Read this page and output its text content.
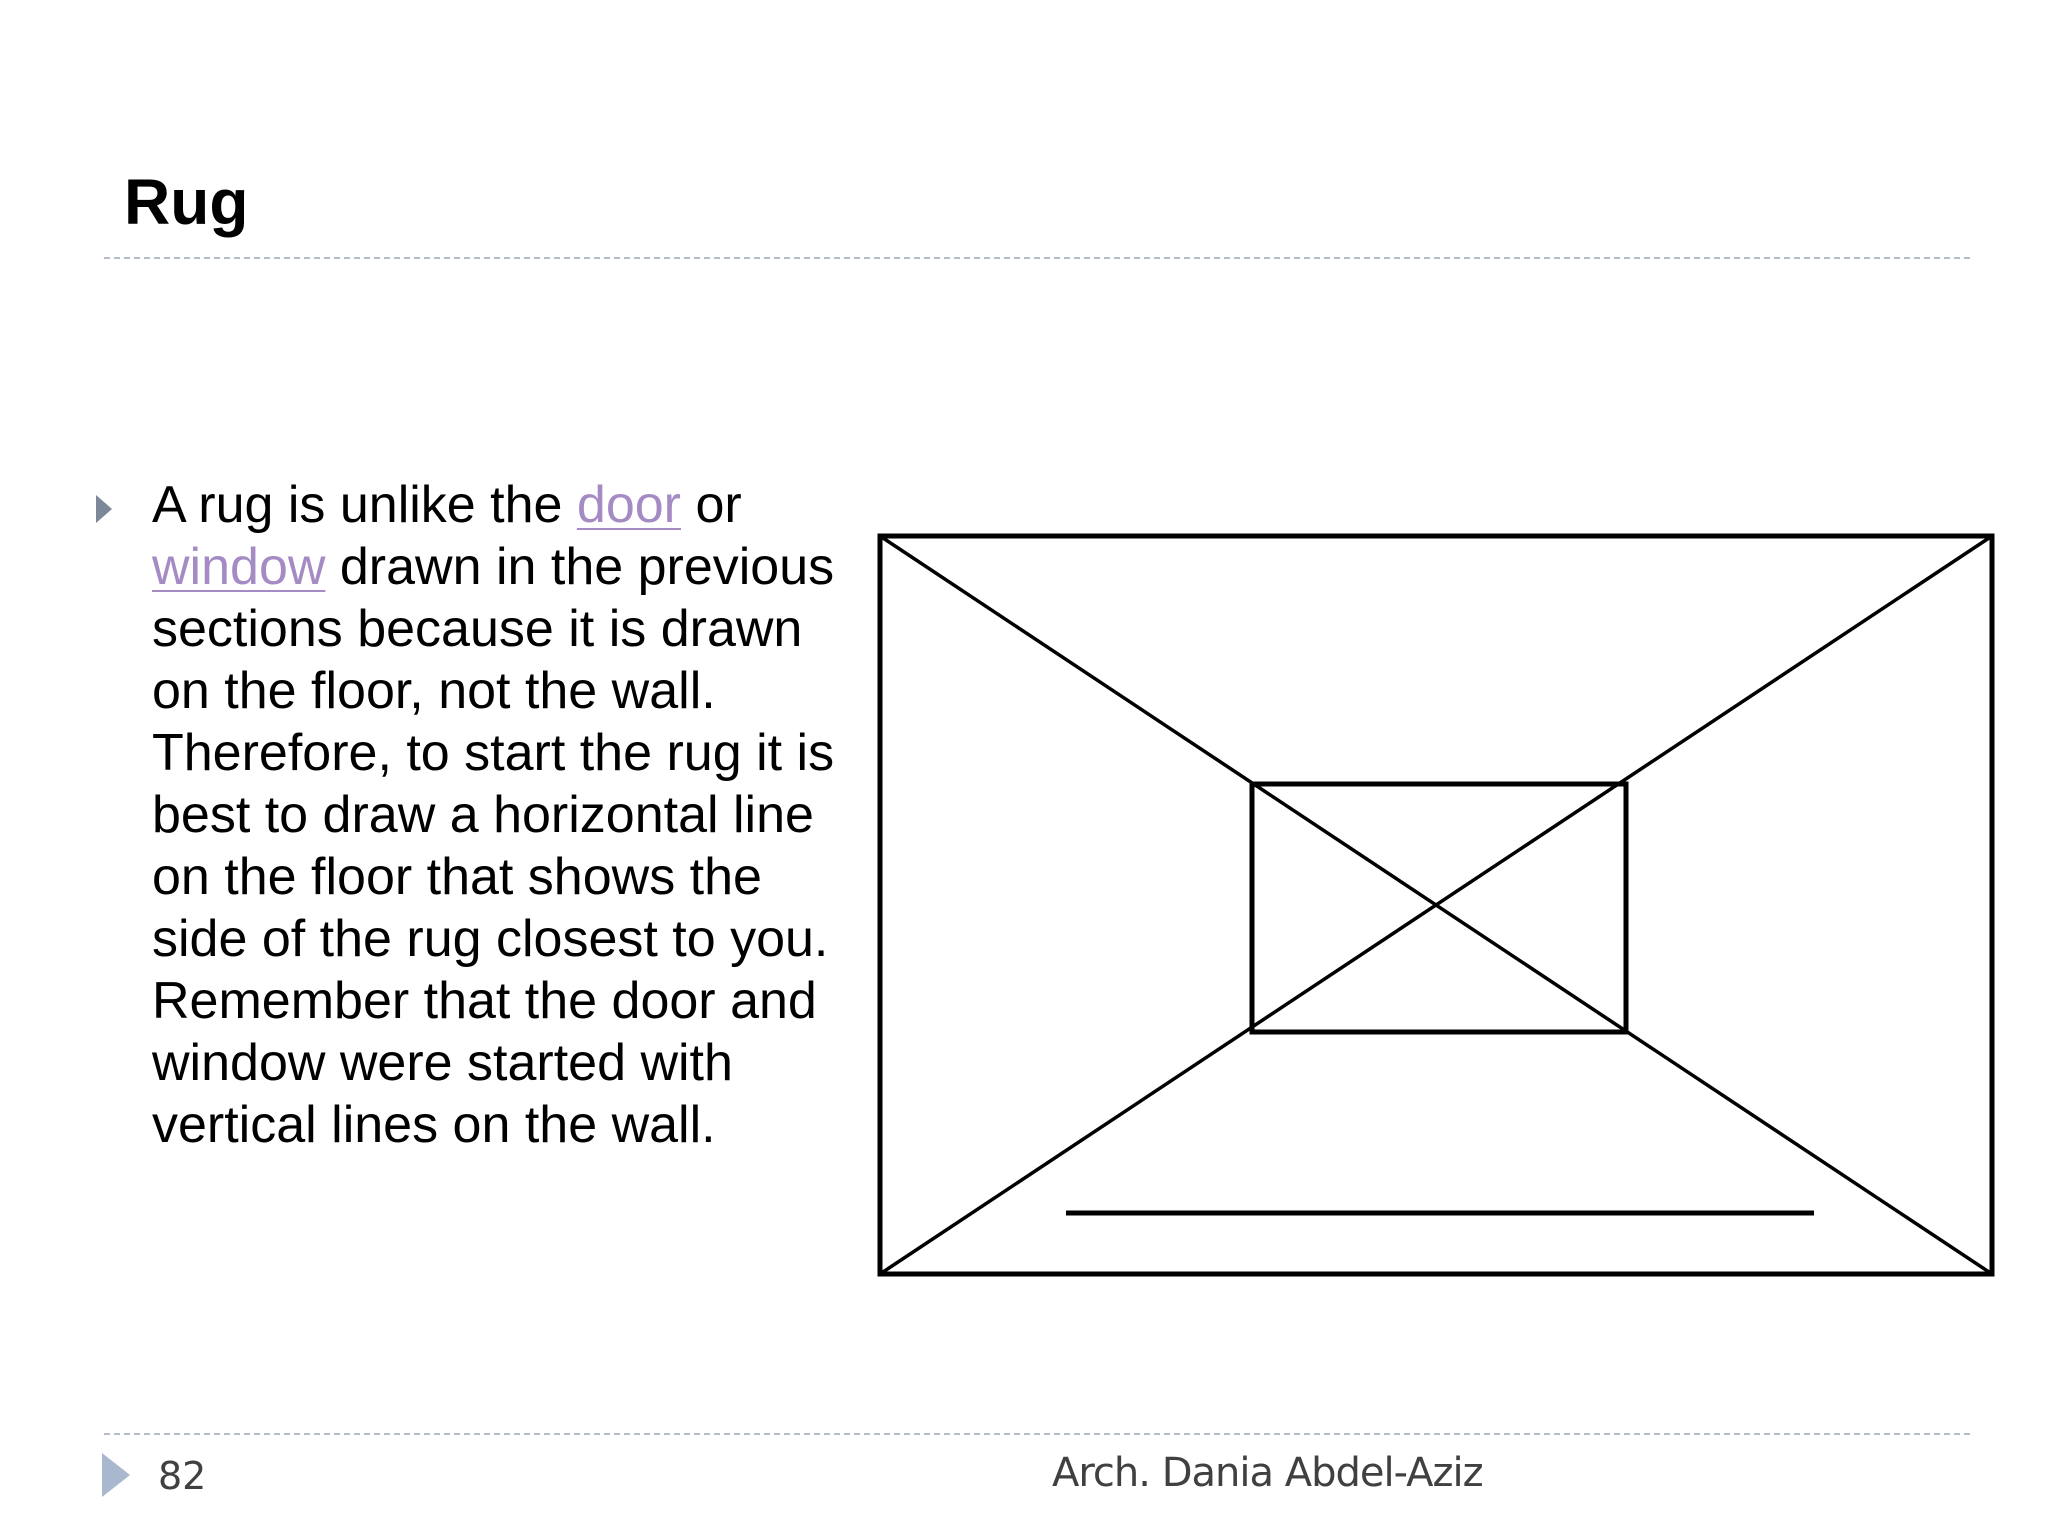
Rug

A rug is unlike the door or window drawn in the previous sections because it is drawn on the floor, not the wall. Therefore, to start the rug it is best to draw a horizontal line on the floor that shows the side of the rug closest to you. Remember that the door and window were started with vertical lines on the wall.

82	Arch. Dania Abdel-Aziz
